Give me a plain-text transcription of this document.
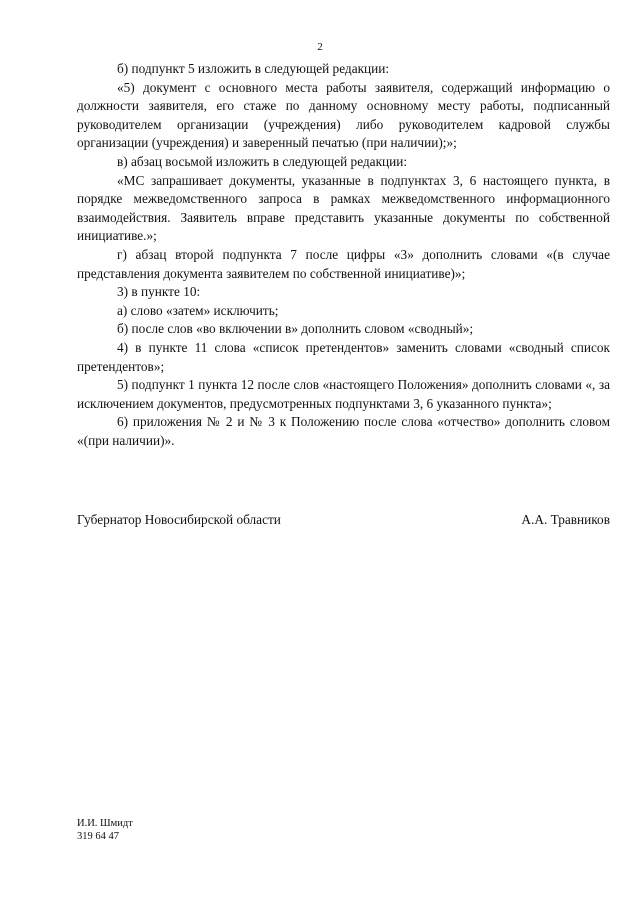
2

б) подпункт 5 изложить в следующей редакции:

«5) документ с основного места работы заявителя, содержащий информацию о должности заявителя, его стаже по данному основному месту работы, подписанный руководителем организации (учреждения) либо руководителем кадровой службы организации (учреждения) и заверенный печатью (при наличии);»;

в) абзац восьмой изложить в следующей редакции:

«МС запрашивает документы, указанные в подпунктах 3, 6 настоящего пункта, в порядке межведомственного запроса в рамках межведомственного информационного взаимодействия. Заявитель вправе представить указанные документы по собственной инициативе.»;

г) абзац второй подпункта 7 после цифры «3» дополнить словами «(в случае представления документа заявителем по собственной инициативе)»;

3) в пункте 10:

а) слово «затем» исключить;

б) после слов «во включении в» дополнить словом «сводный»;

4) в пункте 11 слова «список претендентов» заменить словами «сводный список претендентов»;

5) подпункт 1 пункта 12 после слов «настоящего Положения» дополнить словами «, за исключением документов, предусмотренных подпунктами 3, 6 указанного пункта»;

6) приложения № 2 и № 3 к Положению после слова «отчество» дополнить словом «(при наличии)».

Губернатор Новосибирской области	А.А. Травников
И.И. Шмидт
319 64 47
